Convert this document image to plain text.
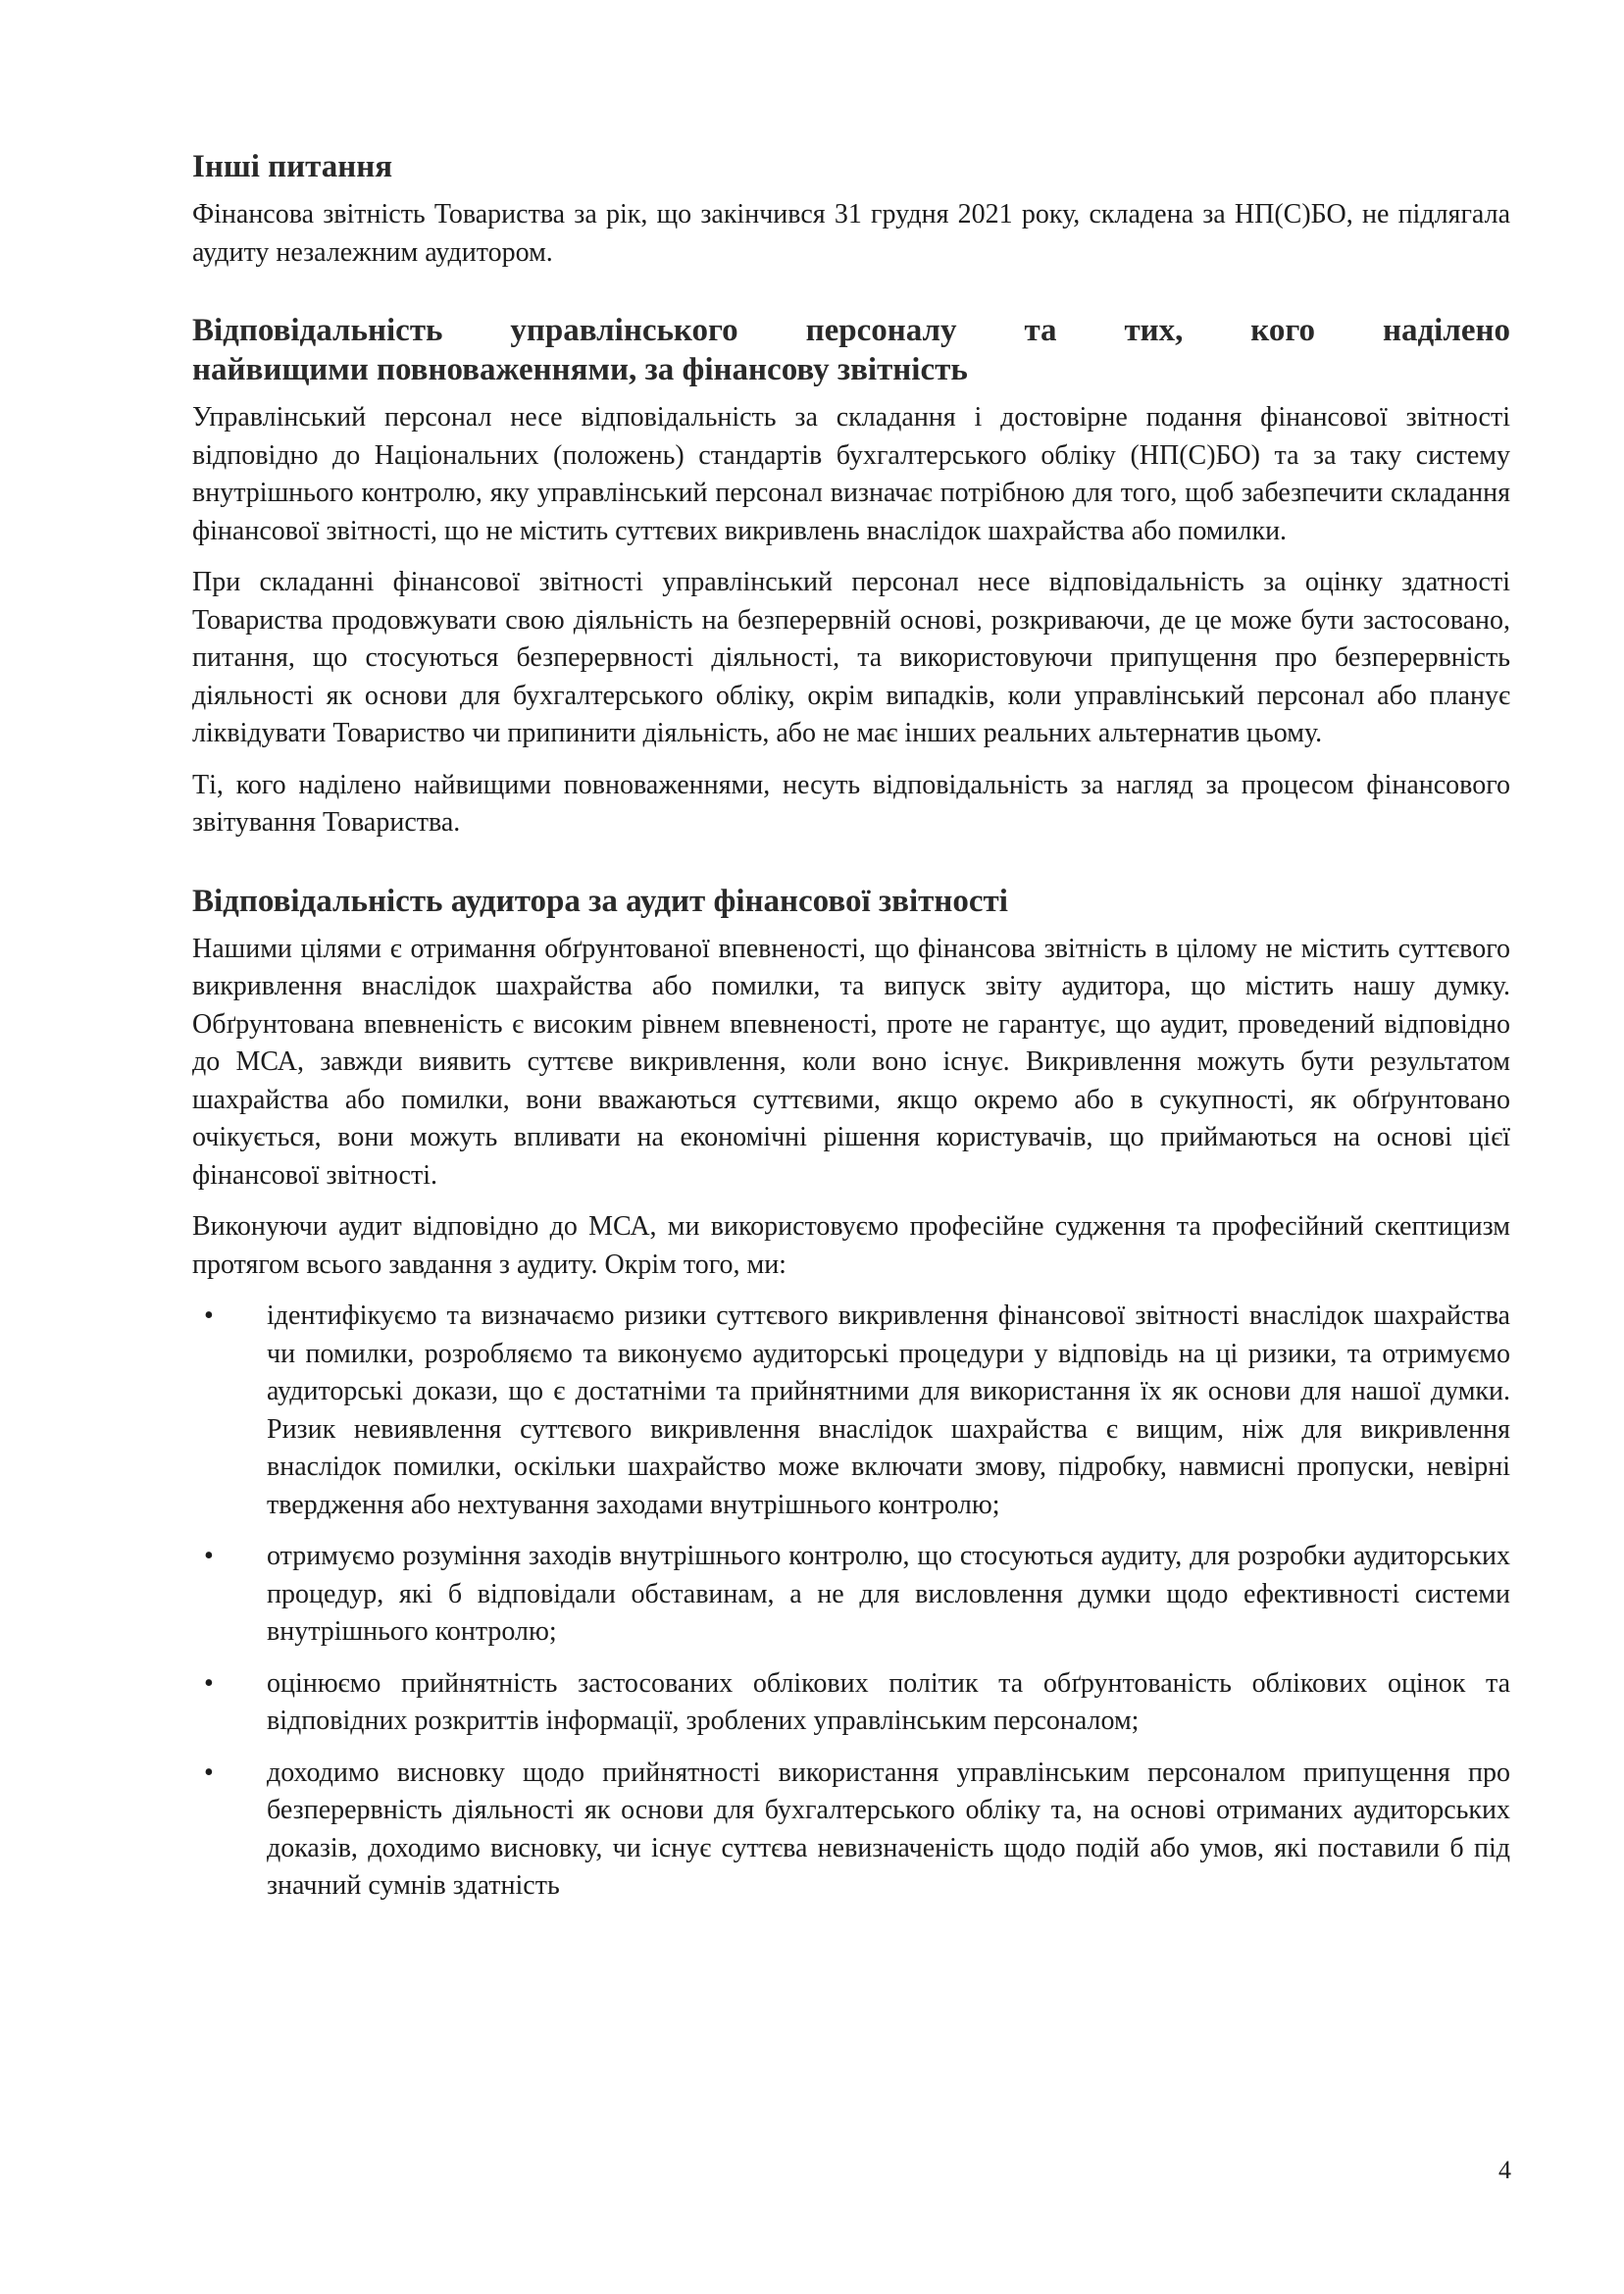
Інші питання

Фінансова звітність Товариства за рік, що закінчився 31 грудня 2021 року, складена за НП(С)БО, не підлягала аудиту незалежним аудитором.

Відповідальність управлінського персоналу та тих, кого наділено
найвищими повноваженнями, за фінансову звітність

Управлінський персонал несе відповідальність за складання і достовірне подання фінансової звітності відповідно до Національних (положень) стандартів бухгалтерського обліку (НП(С)БО) та за таку систему внутрішнього контролю, яку управлінський персонал визначає потрібною для того, щоб забезпечити складання фінансової звітності, що не містить суттєвих викривлень внаслідок шахрайства або помилки.

При складанні фінансової звітності управлінський персонал несе відповідальність за оцінку здатності Товариства продовжувати свою діяльність на безперервній основі, розкриваючи, де це може бути застосовано, питання, що стосуються безперервності діяльності, та використовуючи припущення про безперервність діяльності як основи для бухгалтерського обліку, окрім випадків, коли управлінський персонал або планує ліквідувати Товариство чи припинити діяльність, або не має інших реальних альтернатив цьому.

Ті, кого наділено найвищими повноваженнями, несуть відповідальність за нагляд за процесом фінансового звітування Товариства.

Відповідальність аудитора за аудит фінансової звітності

Нашими цілями є отримання обґрунтованої впевненості, що фінансова звітність в цілому не містить суттєвого викривлення внаслідок шахрайства або помилки, та випуск звіту аудитора, що містить нашу думку. Обґрунтована впевненість є високим рівнем впевненості, проте не гарантує, що аудит, проведений відповідно до МСА, завжди виявить суттєве викривлення, коли воно існує. Викривлення можуть бути результатом шахрайства або помилки, вони вважаються суттєвими, якщо окремо або в сукупності, як обґрунтовано очікується, вони можуть впливати на економічні рішення користувачів, що приймаються на основі цієї фінансової звітності.

Виконуючи аудит відповідно до МСА, ми використовуємо професійне судження та професійний скептицизм протягом всього завдання з аудиту. Окрім того, ми:

• ідентифікуємо та визначаємо ризики суттєвого викривлення фінансової звітності внаслідок шахрайства чи помилки, розробляємо та виконуємо аудиторські процедури у відповідь на ці ризики, та отримуємо аудиторські докази, що є достатніми та прийнятними для використання їх як основи для нашої думки. Ризик невиявлення суттєвого викривлення внаслідок шахрайства є вищим, ніж для викривлення внаслідок помилки, оскільки шахрайство може включати змову, підробку, навмисні пропуски, невірні твердження або нехтування заходами внутрішнього контролю;

• отримуємо розуміння заходів внутрішнього контролю, що стосуються аудиту, для розробки аудиторських процедур, які б відповідали обставинам, а не для висловлення думки щодо ефективності системи внутрішнього контролю;

• оцінюємо прийнятність застосованих облікових політик та обґрунтованість облікових оцінок та відповідних розкриттів інформації, зроблених управлінським персоналом;

• доходимо висновку щодо прийнятності використання управлінським персоналом припущення про безперервність діяльності як основи для бухгалтерського обліку та, на основі отриманих аудиторських доказів, доходимо висновку, чи існує суттєва невизначеність щодо подій або умов, які поставили б під значний сумнів здатність

4
